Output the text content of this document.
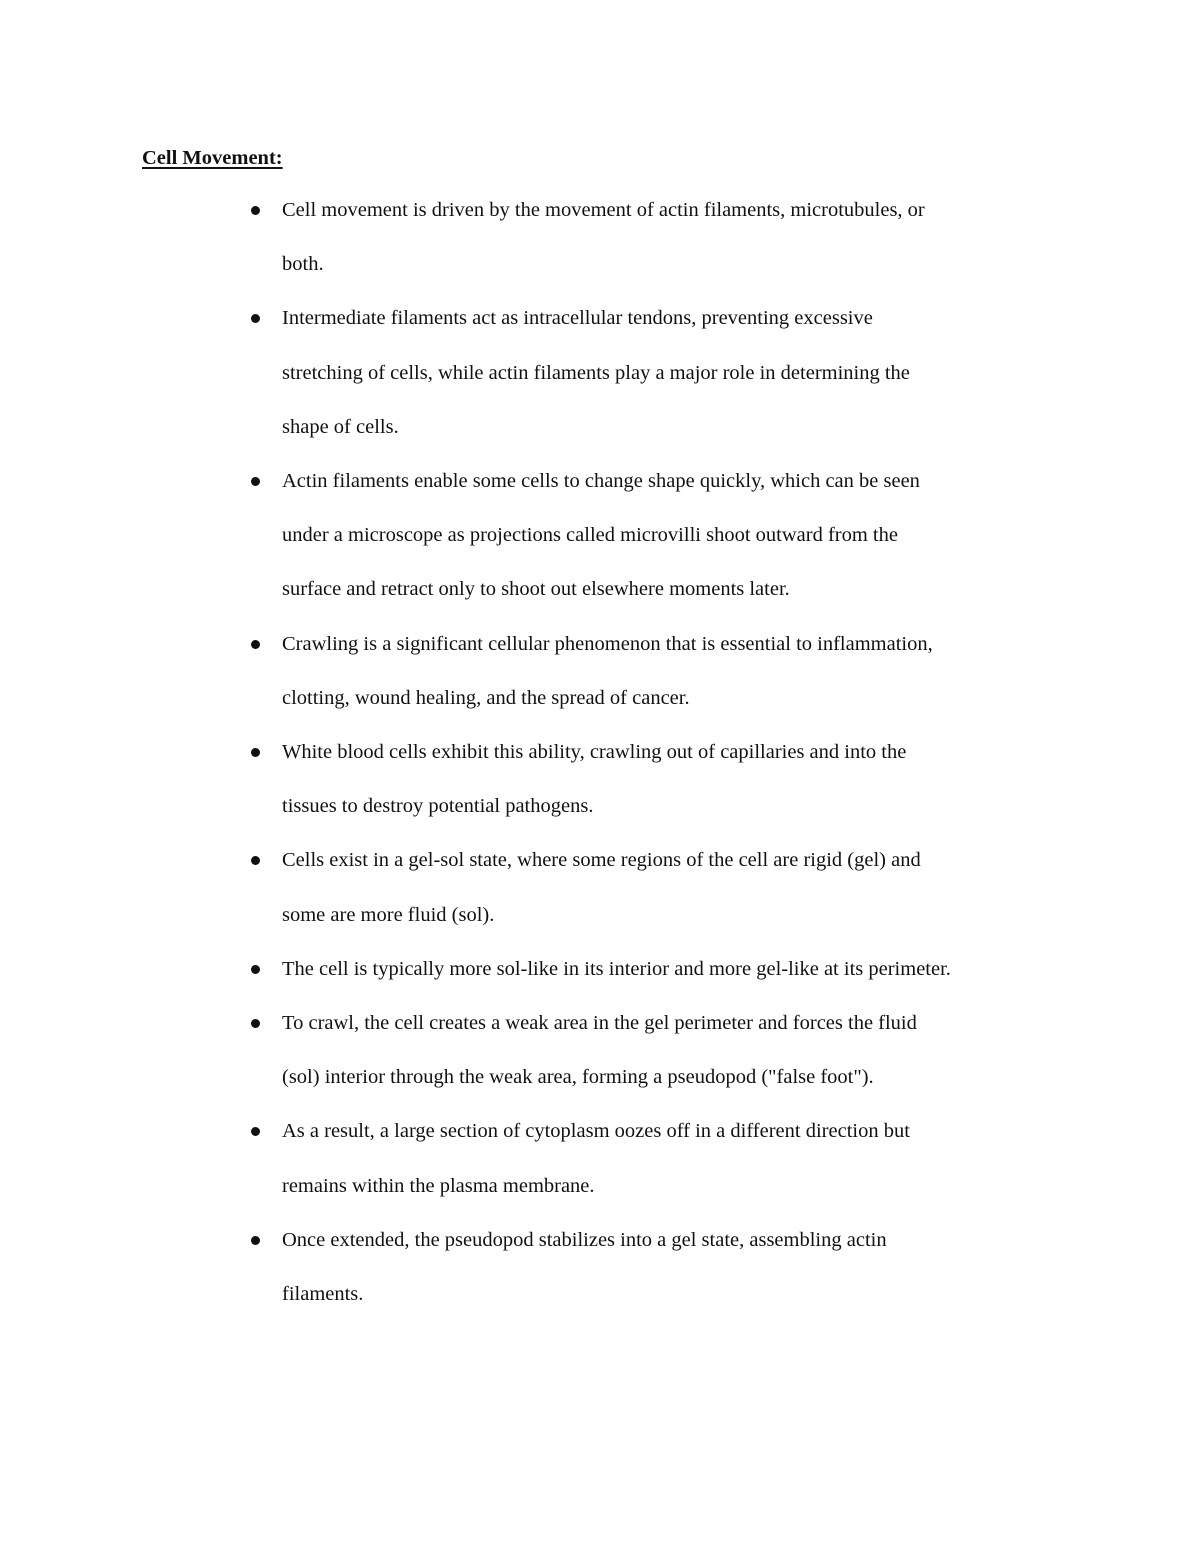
Cell Movement:
Cell movement is driven by the movement of actin filaments, microtubules, or
both.
Intermediate filaments act as intracellular tendons, preventing excessive
stretching of cells, while actin filaments play a major role in determining the
shape of cells.
Actin filaments enable some cells to change shape quickly, which can be seen
under a microscope as projections called microvilli shoot outward from the
surface and retract only to shoot out elsewhere moments later.
Crawling is a significant cellular phenomenon that is essential to inflammation,
clotting, wound healing, and the spread of cancer.
White blood cells exhibit this ability, crawling out of capillaries and into the
tissues to destroy potential pathogens.
Cells exist in a gel-sol state, where some regions of the cell are rigid (gel) and
some are more fluid (sol).
The cell is typically more sol-like in its interior and more gel-like at its perimeter.
To crawl, the cell creates a weak area in the gel perimeter and forces the fluid
(sol) interior through the weak area, forming a pseudopod ("false foot").
As a result, a large section of cytoplasm oozes off in a different direction but
remains within the plasma membrane.
Once extended, the pseudopod stabilizes into a gel state, assembling actin
filaments.
